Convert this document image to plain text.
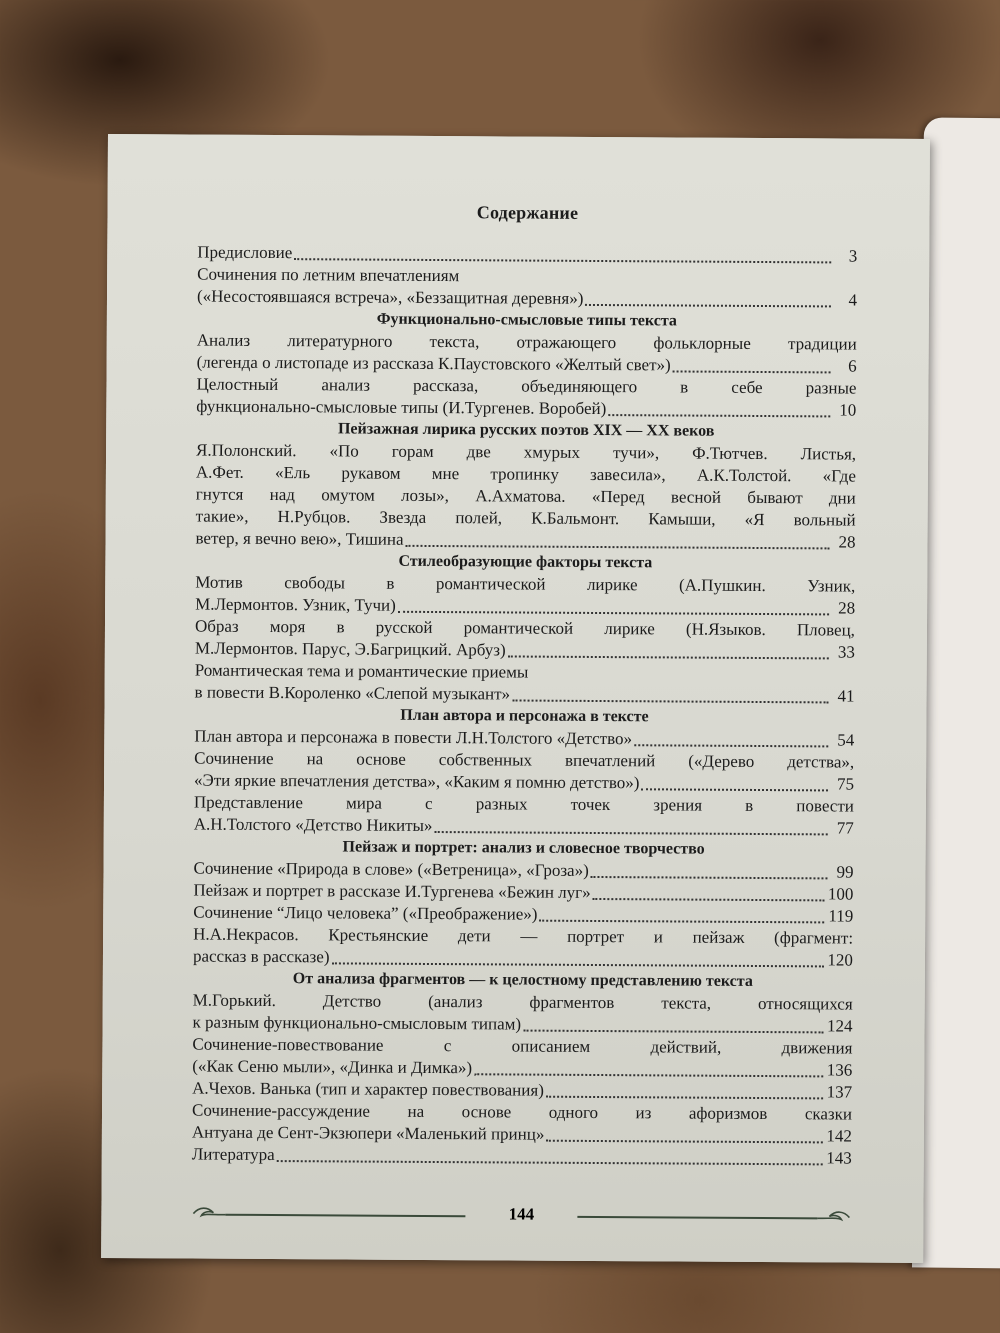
Содержание
Предисловие	3
Сочинения по летним впечатлениям
(«Несостоявшаяся встреча», «Беззащитная деревня»)	4
Функционально-смысловые типы текста
Анализ литературного текста, отражающего фольклорные традиции
(легенда о листопаде из рассказа К.Паустовского «Желтый свет»)	6
Целостный анализ рассказа, объединяющего в себе разные
функционально-смысловые типы (И.Тургенев. Воробей)	10
Пейзажная лирика русских поэтов XIX — XX веков
Я.Полонский. «По горам две хмурых тучи», Ф.Тютчев. Листья,
А.Фет. «Ель рукавом мне тропинку завесила», А.К.Толстой. «Где
гнутся над омутом лозы», А.Ахматова. «Перед весной бывают дни
такие», Н.Рубцов. Звезда полей, К.Бальмонт. Камыши, «Я вольный
ветер, я вечно вею», Тишина	28
Стилеобразующие факторы текста
Мотив свободы в романтической лирике (А.Пушкин. Узник,
М.Лермонтов. Узник, Тучи)	28
Образ моря в русской романтической лирике (Н.Языков. Пловец,
М.Лермонтов. Парус, Э.Багрицкий. Арбуз)	33
Романтическая тема и романтические приемы
в повести В.Короленко «Слепой музыкант»	41
План автора и персонажа в тексте
План автора и персонажа в повести Л.Н.Толстого «Детство»	54
Сочинение на основе собственных впечатлений («Дерево детства»,
«Эти яркие впечатления детства», «Каким я помню детство»)	75
Представление мира с разных точек зрения в повести
А.Н.Толстого «Детство Никиты»	77
Пейзаж и портрет: анализ и словесное творчество
Сочинение «Природа в слове» («Ветреница», «Гроза»)	99
Пейзаж и портрет в рассказе И.Тургенева «Бежин луг»	100
Сочинение “Лицо человека” («Преображение»)	119
Н.А.Некрасов. Крестьянские дети — портрет и пейзаж (фрагмент:
рассказ в рассказе)	120
От анализа фрагментов — к целостному представлению текста
М.Горький. Детство (анализ фрагментов текста, относящихся
к разным функционально-смысловым типам)	124
Сочинение-повествование с описанием действий, движения
(«Как Сеню мыли», «Динка и Димка»)	136
А.Чехов. Ванька (тип и характер повествования)	137
Сочинение-рассуждение на основе одного из афоризмов сказки
Антуана де Сент-Экзюпери «Маленький принц»	142
Литература	143
144
